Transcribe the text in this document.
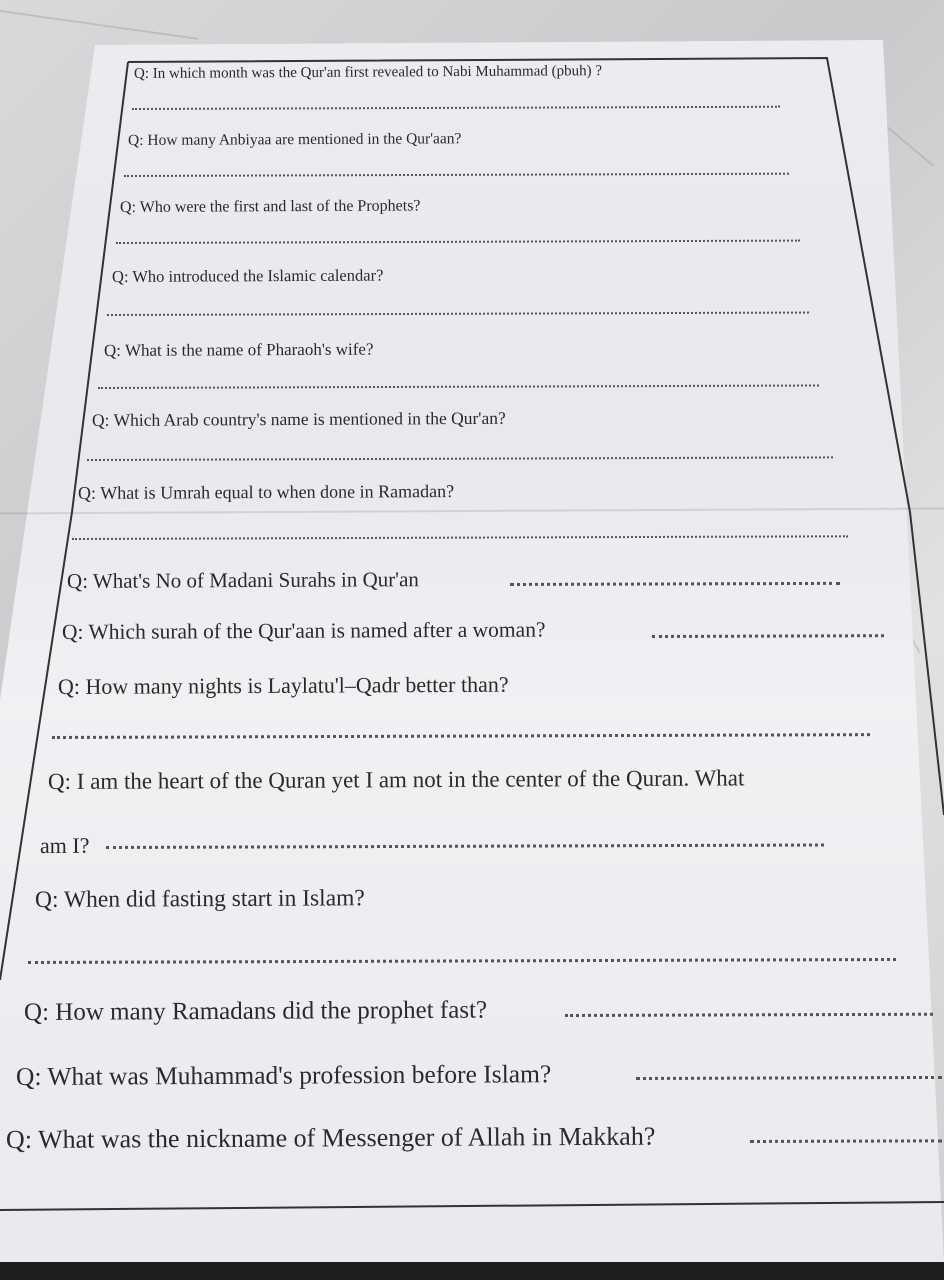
Q: In which month was the Qur'an first revealed to Nabi Muhammad (pbuh) ?
Q: How many Anbiyaa are mentioned in the Qur'aan?
Q: Who were the first and last of the Prophets?
Q: Who introduced the Islamic calendar?
Q: What is the name of Pharaoh's wife?
Q: Which Arab country's name is mentioned in the Qur'an?
Q: What is Umrah equal to when done in Ramadan?
Q: What's No of Madani Surahs in Qur'an
Q: Which surah of the Qur'aan is named after a woman?
Q: How many nights is Laylatu'l–Qadr better than?
Q: I am the heart of the Quran yet I am not in the center of the Quran. What
am I?
Q: When did fasting start in Islam?
Q: How many Ramadans did the prophet fast?
Q: What was Muhammad's profession before Islam?
Q: What was the nickname of Messenger of Allah in Makkah?
